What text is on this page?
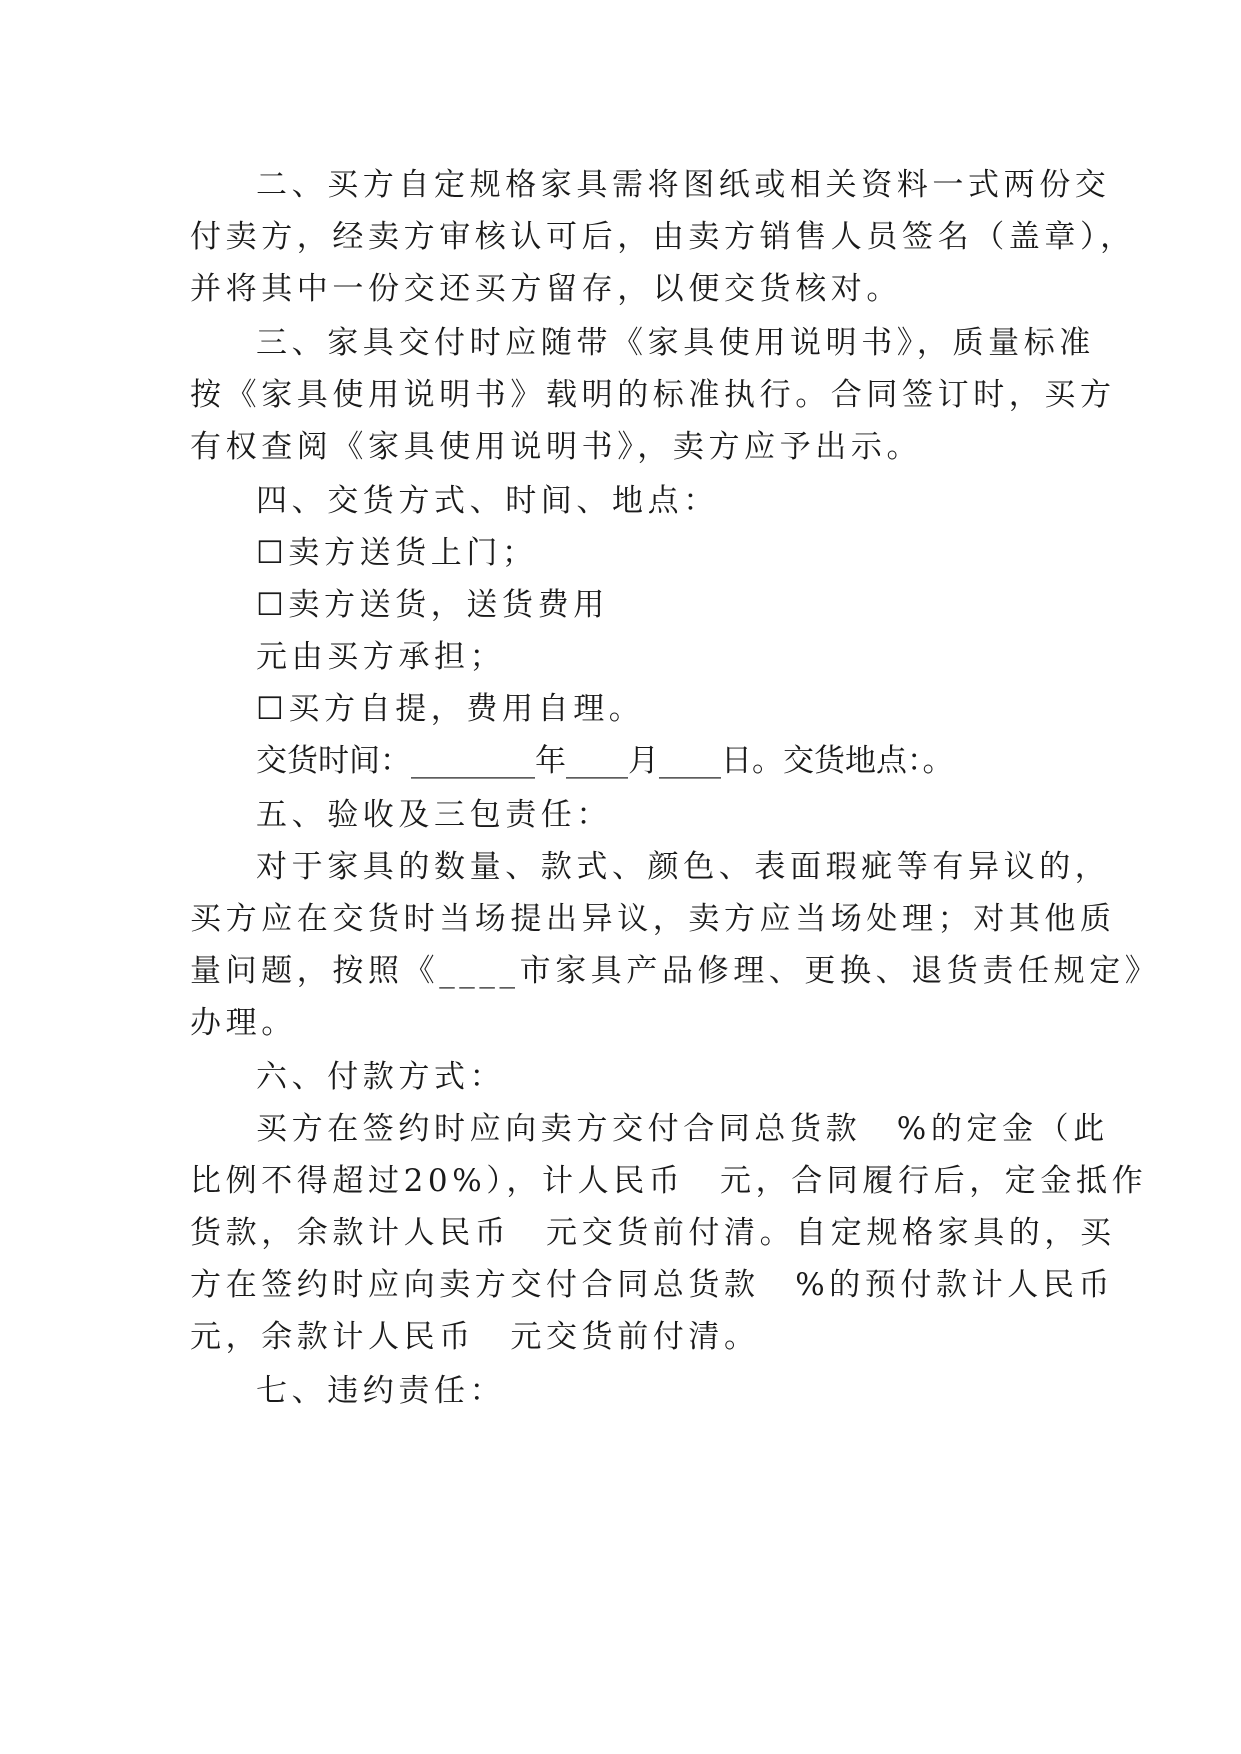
二、买方自定规格家具需将图纸或相关资料一式两份交
付卖方，经卖方审核认可后，由卖方销售人员签名（盖章），
并将其中一份交还买方留存，以便交货核对。
三、家具交付时应随带《家具使用说明书》，质量标准
按《家具使用说明书》载明的标准执行。合同签订时，买方
有权查阅《家具使用说明书》，卖方应予出示。
四、交货方式、时间、地点：
☐卖方送货上门；
☐卖方送货，送货费用
元由买方承担；
☐买方自提，费用自理。
交货时间：________年____月____日。交货地点：。
五、验收及三包责任：
对于家具的数量、款式、颜色、表面瑕疵等有异议的，
买方应在交货时当场提出异议，卖方应当场处理；对其他质
量问题，按照《____市家具产品修理、更换、退货责任规定》
办理。
六、付款方式：
买方在签约时应向卖方交付合同总货款　%的定金（此
比例不得超过20%），计人民币　元，合同履行后，定金抵作
货款，余款计人民币　元交货前付清。自定规格家具的，买
方在签约时应向卖方交付合同总货款　%的预付款计人民币
元，余款计人民币　元交货前付清。
七、违约责任：
